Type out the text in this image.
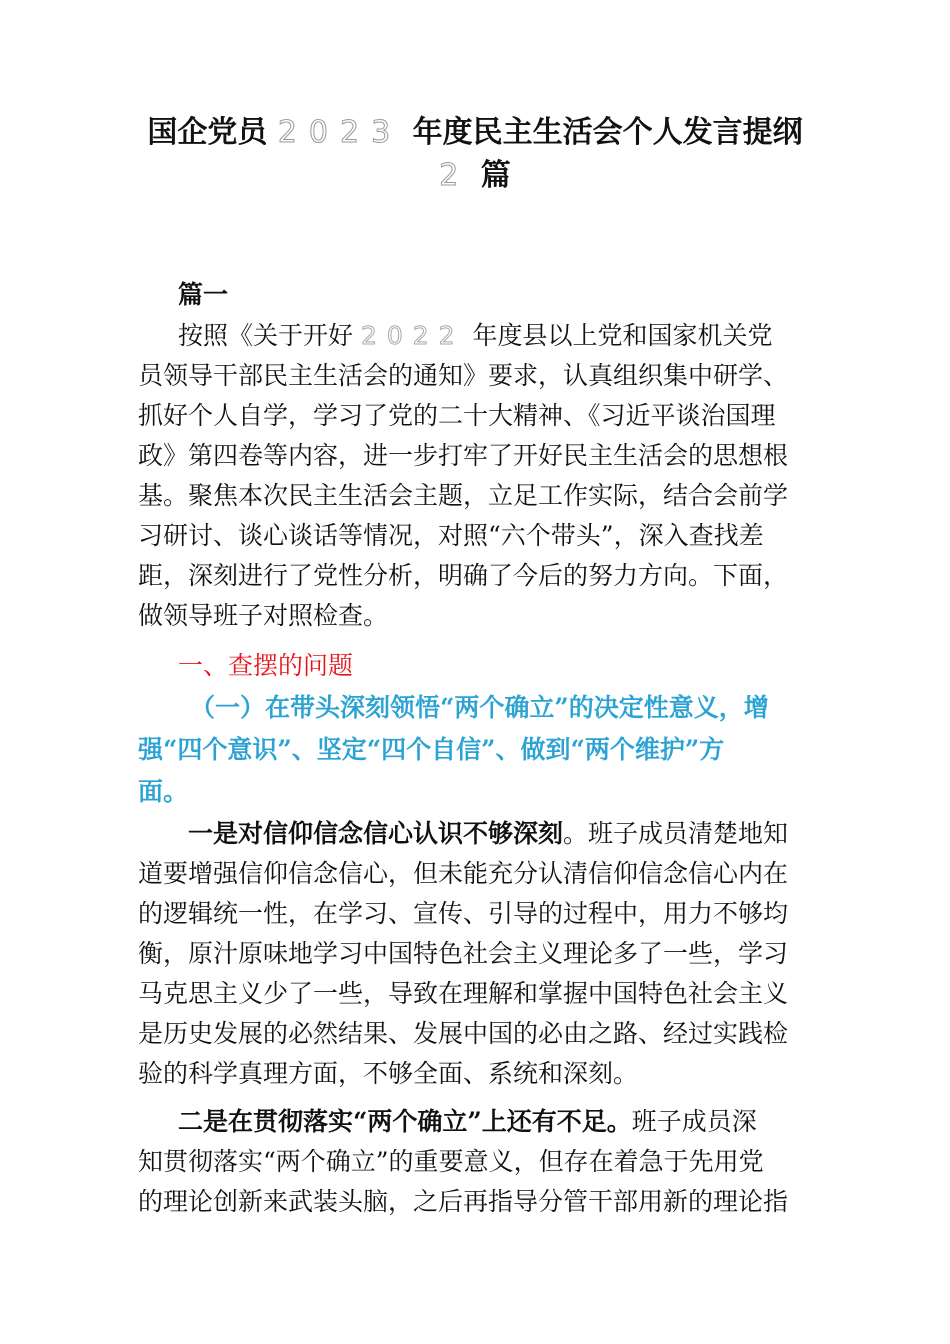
国企党员 2023 年度民主生活会个人发言提纲
2 篇
篇一
按照《关于开好 2022 年度县以上党和国家机关党
员领导干部民主生活会的通知》要求，认真组织集中研学、
抓好个人自学，学习了党的二十大精神、《习近平谈治国理
政》第四卷等内容，进一步打牢了开好民主生活会的思想根
基。聚焦本次民主生活会主题，立足工作实际，结合会前学
习研讨、谈心谈话等情况，对照“六个带头”，深入查找差
距，深刻进行了党性分析，明确了今后的努力方向。下面，
做领导班子对照检查。
一、查摆的问题
（一）在带头深刻领悟“两个确立”的决定性意义，增
强“四个意识”、坚定“四个自信”、做到“两个维护”方
面。
一是对信仰信念信心认识不够深刻。班子成员清楚地知
道要增强信仰信念信心，但未能充分认清信仰信念信心内在
的逻辑统一性，在学习、宣传、引导的过程中，用力不够均
衡，原汁原味地学习中国特色社会主义理论多了一些，学习
马克思主义少了一些，导致在理解和掌握中国特色社会主义
是历史发展的必然结果、发展中国的必由之路、经过实践检
验的科学真理方面，不够全面、系统和深刻。
二是在贯彻落实“两个确立”上还有不足。班子成员深
知贯彻落实“两个确立”的重要意义，但存在着急于先用党
的理论创新来武装头脑，之后再指导分管干部用新的理论指
